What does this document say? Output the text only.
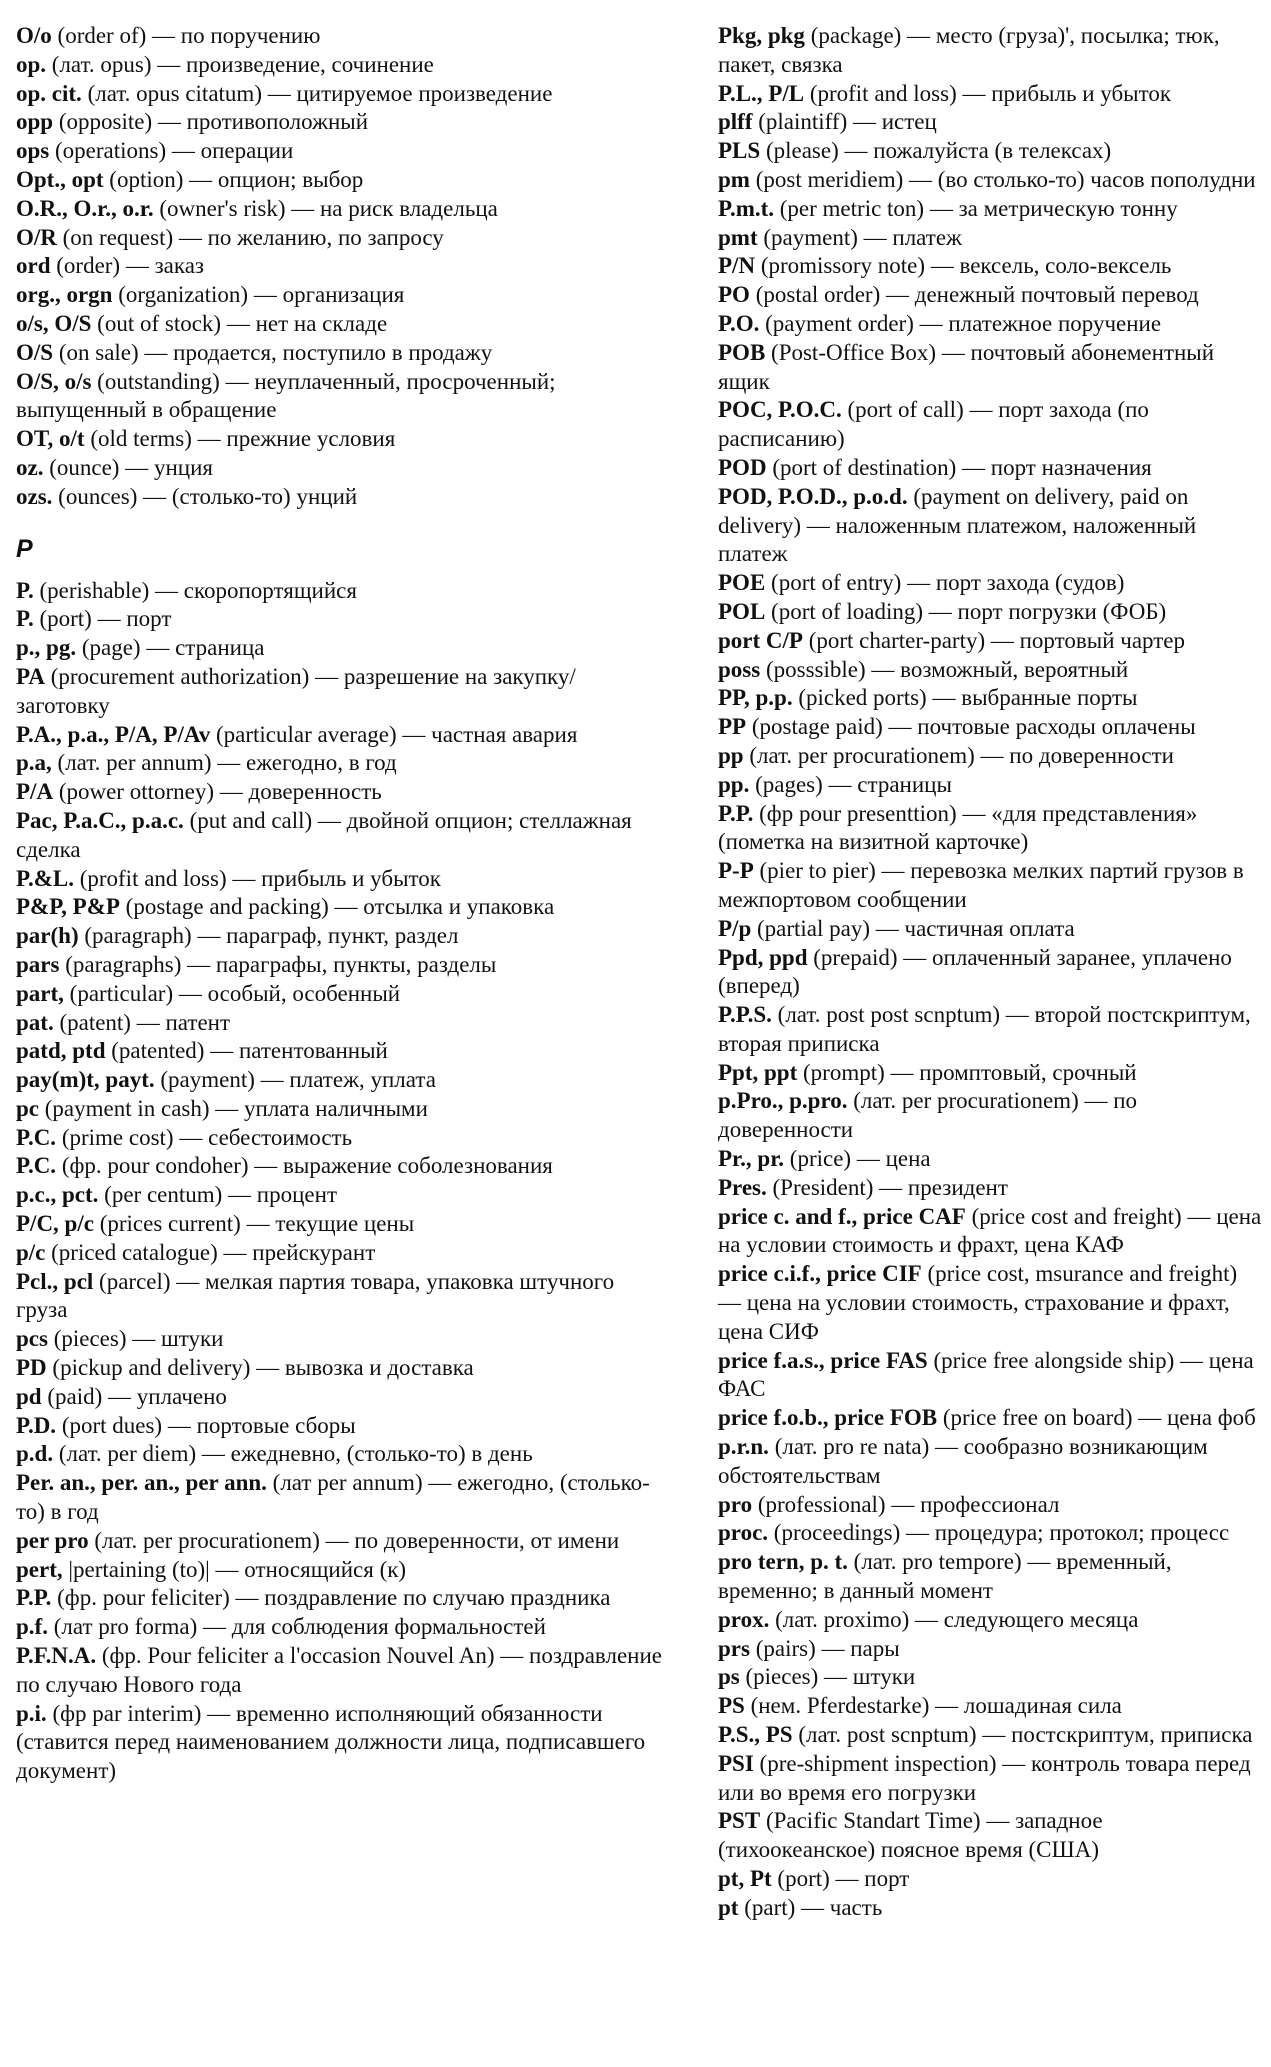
O/o (order of) — по поручению

op. (лат. opus) — произведение, сочинение

op. cit. (лат. opus citatum) — цитируемое произведение

opp (opposite) — противоположный

ops (operations) — операции

Opt., opt (option) — опцион; выбор

O.R., O.r., o.r. (owner's risk) — на риск владельца

O/R (on request) — по желанию, по запросу

ord (order) — заказ

org., orgn (organization) — организация

o/s, O/S (out of stock) — нет на складе

O/S (on sale) — продается, поступило в продажу

O/S, o/s (outstanding) — неуплаченный, просроченный; выпущенный в обращение

OT, o/t (old terms) — прежние условия

oz. (ounce) — унция

ozs. (ounces) — (столько-то) унций

P

P. (perishable) — скоропортящийся

P. (port) — порт

p., pg. (page) — страница

PA (procurement authorization) — разрешение на закупку/заготовку

P.A., p.a., P/A, P/Av (particular average) — частная авария

p.a, (лат. per annum) — ежегодно, в год

P/A (power ottorney) — доверенность

Pac, P.a.C., p.a.c. (put and call) — двойной опцион; стеллажная сделка

P.&L. (profit and loss) — прибыль и убыток

P&P, P&P (postage and packing) — отсылка и упаковка

par(h) (paragraph) — параграф, пункт, раздел

pars (paragraphs) — параграфы, пункты, разделы

part, (particular) — особый, особенный

pat. (patent) — патент

patd, ptd (patented) — патентованный

pay(m)t, payt. (payment) — платеж, уплата

pc (payment in cash) — уплата наличными

P.C. (prime cost) — себестоимость

P.C. (фр. pour condoher) — выражение соболезнования

p.c., pct. (per centum) — процент

P/C, p/c (prices current) — текущие цены

p/c (priced catalogue) — прейскурант

Pcl., pcl (parcel) — мелкая партия товара, упаковка штучного груза

pcs (pieces) — штуки

PD (pickup and delivery) — вывозка и доставка

pd (paid) — уплачено

P.D. (port dues) — портовые сборы

p.d. (лат. per diem) — ежедневно, (столько-то) в день

Per. an., per. an., per ann. (лат per annum) — ежегодно, (столько-то) в год

per pro (лат. per procurationem) — по доверенности, от имени

pert, |pertaining (to)| — относящийся (к)

P.P. (фр. pour feliciter) — поздравление по случаю праздника

p.f. (лат pro forma) — для соблюдения формальностей

P.F.N.A. (фр. Pour feliciter a l'occasion Nouvel An) — поздравление по случаю Нового года

p.i. (фр par interim) — временно исполняющий обязанности (ставится перед наименованием должности лица, подписавшего документ)

Pkg, pkg (package) — место (груза)', посылка; тюк, пакет, связка

P.L., P/L (profit and loss) — прибыль и убыток

plff (plaintiff) — истец

PLS (please) — пожалуйста (в телексах)

pm (post meridiem) — (во столько-то) часов пополудни

P.m.t. (per metric ton) — за метрическую тонну

pmt (payment) — платеж

P/N (promissory note) — вексель, соло-вексель

PO (postal order) — денежный почтовый перевод

P.O. (payment order) — платежное поручение

POB (Post-Office Box) — почтовый абонементный ящик

POC, P.O.C. (port of call) — порт захода (по расписанию)

POD (port of destination) — порт назначения

POD, P.O.D., p.o.d. (payment on delivery, paid on delivery) — наложенным платежом, наложенный платеж

POE (port of entry) — порт захода (судов)

POL (port of loading) — порт погрузки (ФОБ)

port C/P (port charter-party) — портовый чартер

poss (posssible) — возможный, вероятный

PP, p.p. (picked ports) — выбранные порты

PP (postage paid) — почтовые расходы оплачены

pp (лат. per procurationem) — по доверенности

pp. (pages) — страницы

P.P. (фр pour presenttion) — «для представления» (пометка на визитной карточке)

P-P (pier to pier) — перевозка мелких партий грузов в межпортовом сообщении

P/p (partial pay) — частичная оплата

Ppd, ppd (prepaid) — оплаченный заранее, уплачено (вперед)

P.P.S. (лат. post post scnptum) — второй постскриптум, вторая приписка

Ppt, ppt (prompt) — промптовый, срочный

p.Pro., p.pro. (лат. per procurationem) — по доверенности

Pr., pr. (price) — цена

Pres. (President) — президент

price c. and f., price CAF (price cost and freight) — цена на условии стоимость и фрахт, цена КАФ

price c.i.f., price CIF (price cost, msurance and freight) — цена на условии стоимость, страхование и фрахт, цена СИФ

price f.a.s., price FAS (price free alongside ship) — цена ФАС

price f.o.b., price FOB (price free on board) — цена фоб

p.r.n. (лат. pro re nata) — сообразно возникающим обстоятельствам

pro (professional) — профессионал

proc. (proceedings) — процедура; протокол; процесс

pro tern, p. t. (лат. pro tempore) — временный, временно; в данный момент

prox. (лат. proximo) — следующего месяца

prs (pairs) — пары

ps (pieces) — штуки

PS (нем. Pferdestarke) — лошадиная сила

P.S., PS (лат. post scnptum) — постскриптум, приписка

PSI (pre-shipment inspection) — контроль товара перед или во время его погрузки

PST (Pacific Standart Time) — западное (тихоокеанское) поясное время (США)

pt, Pt (port) — порт

pt (part) — часть
